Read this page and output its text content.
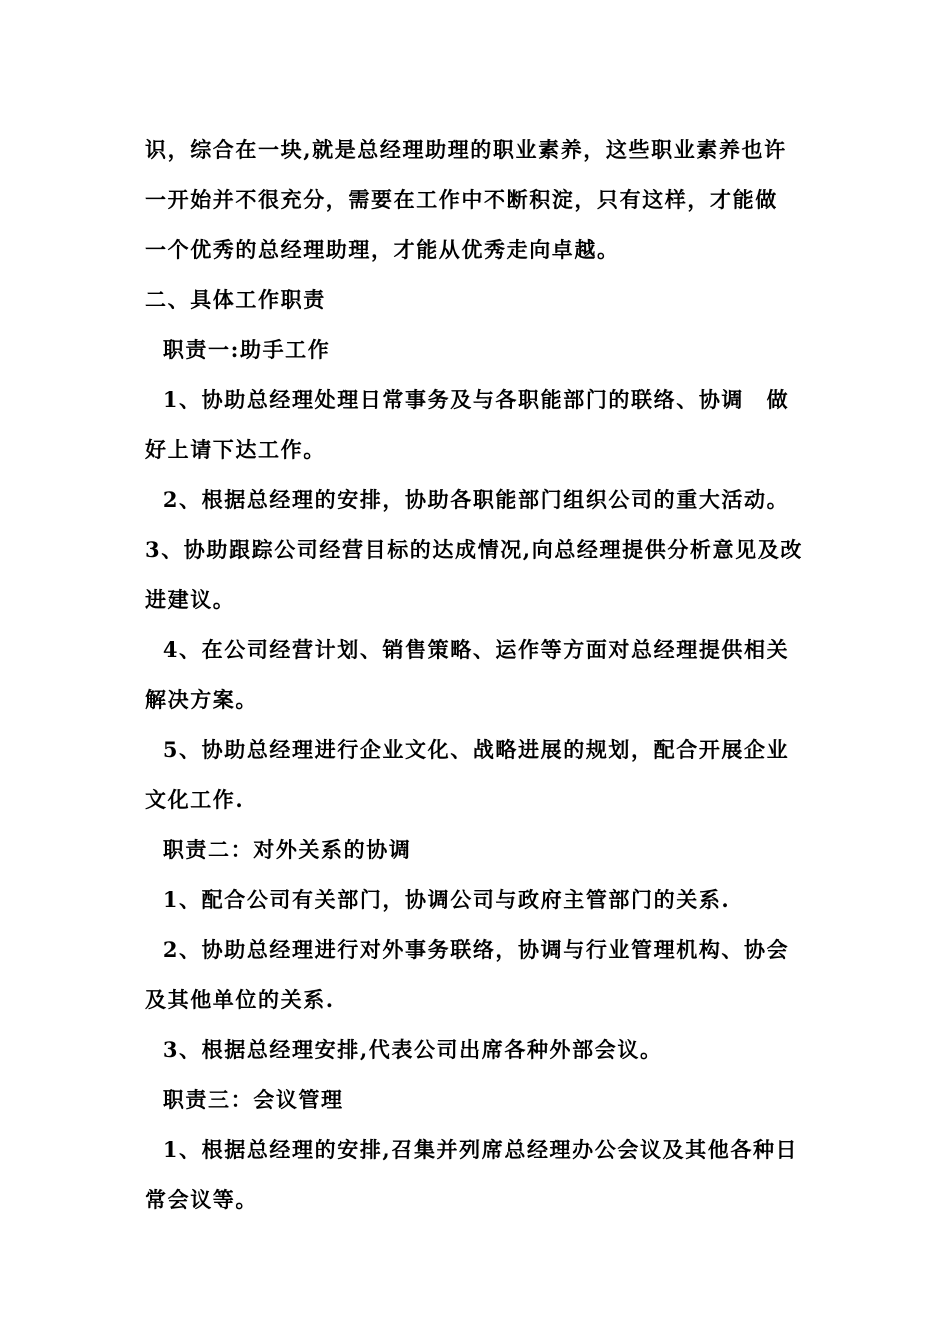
识，综合在一块,就是总经理助理的职业素养，这些职业素养也许
一开始并不很充分，需要在工作中不断积淀，只有这样，才能做
一个优秀的总经理助理，才能从优秀走向卓越。
二、具体工作职责
职责一:助手工作
1、协助总经理处理日常事务及与各职能部门的联络、协调　做
好上请下达工作。
2、根据总经理的安排，协助各职能部门组织公司的重大活动。
3、协助跟踪公司经营目标的达成情况,向总经理提供分析意见及改
进建议。
4、在公司经营计划、销售策略、运作等方面对总经理提供相关
解决方案。
5、协助总经理进行企业文化、战略进展的规划，配合开展企业
文化工作.
职责二：对外关系的协调
1、配合公司有关部门，协调公司与政府主管部门的关系.
2、协助总经理进行对外事务联络，协调与行业管理机构、协会
及其他单位的关系.
3、根据总经理安排,代表公司出席各种外部会议。
职责三：会议管理
1、根据总经理的安排,召集并列席总经理办公会议及其他各种日
常会议等。
